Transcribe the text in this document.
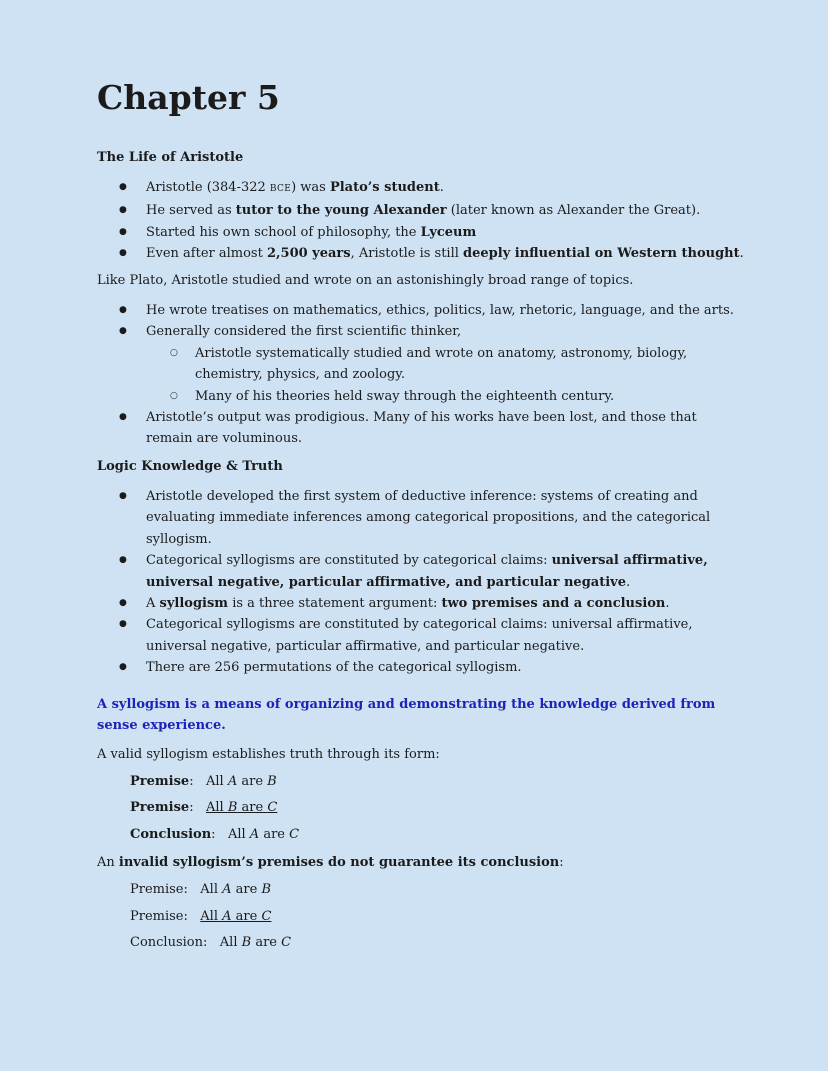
Chapter 5

The Life of Aristotle

● Aristotle (384-322 BCE) was Plato’s student.
● He served as tutor to the young Alexander (later known as Alexander the Great).
● Started his own school of philosophy, the Lyceum
● Even after almost 2,500 years, Aristotle is still deeply influential on Western thought.

Like Plato, Aristotle studied and wrote on an astonishingly broad range of topics.

● He wrote treatises on mathematics, ethics, politics, law, rhetoric, language, and the arts.
● Generally considered the first scientific thinker,
○ Aristotle systematically studied and wrote on anatomy, astronomy, biology, chemistry, physics, and zoology.
○ Many of his theories held sway through the eighteenth century.
● Aristotle’s output was prodigious. Many of his works have been lost, and those that remain are voluminous.

Logic Knowledge & Truth

● Aristotle developed the first system of deductive inference: systems of creating and evaluating immediate inferences among categorical propositions, and the categorical syllogism.
● Categorical syllogisms are constituted by categorical claims: universal affirmative, universal negative, particular affirmative, and particular negative.
● A syllogism is a three statement argument: two premises and a conclusion.
● Categorical syllogisms are constituted by categorical claims: universal affirmative, universal negative, particular affirmative, and particular negative.
● There are 256 permutations of the categorical syllogism.

A syllogism is a means of organizing and demonstrating the knowledge derived from sense experience.

A valid syllogism establishes truth through its form:

Premise: All A are B

Premise: All B are C

Conclusion: All A are C

An invalid syllogism’s premises do not guarantee its conclusion:

Premise: All A are B

Premise: All A are C

Conclusion: All B are C
